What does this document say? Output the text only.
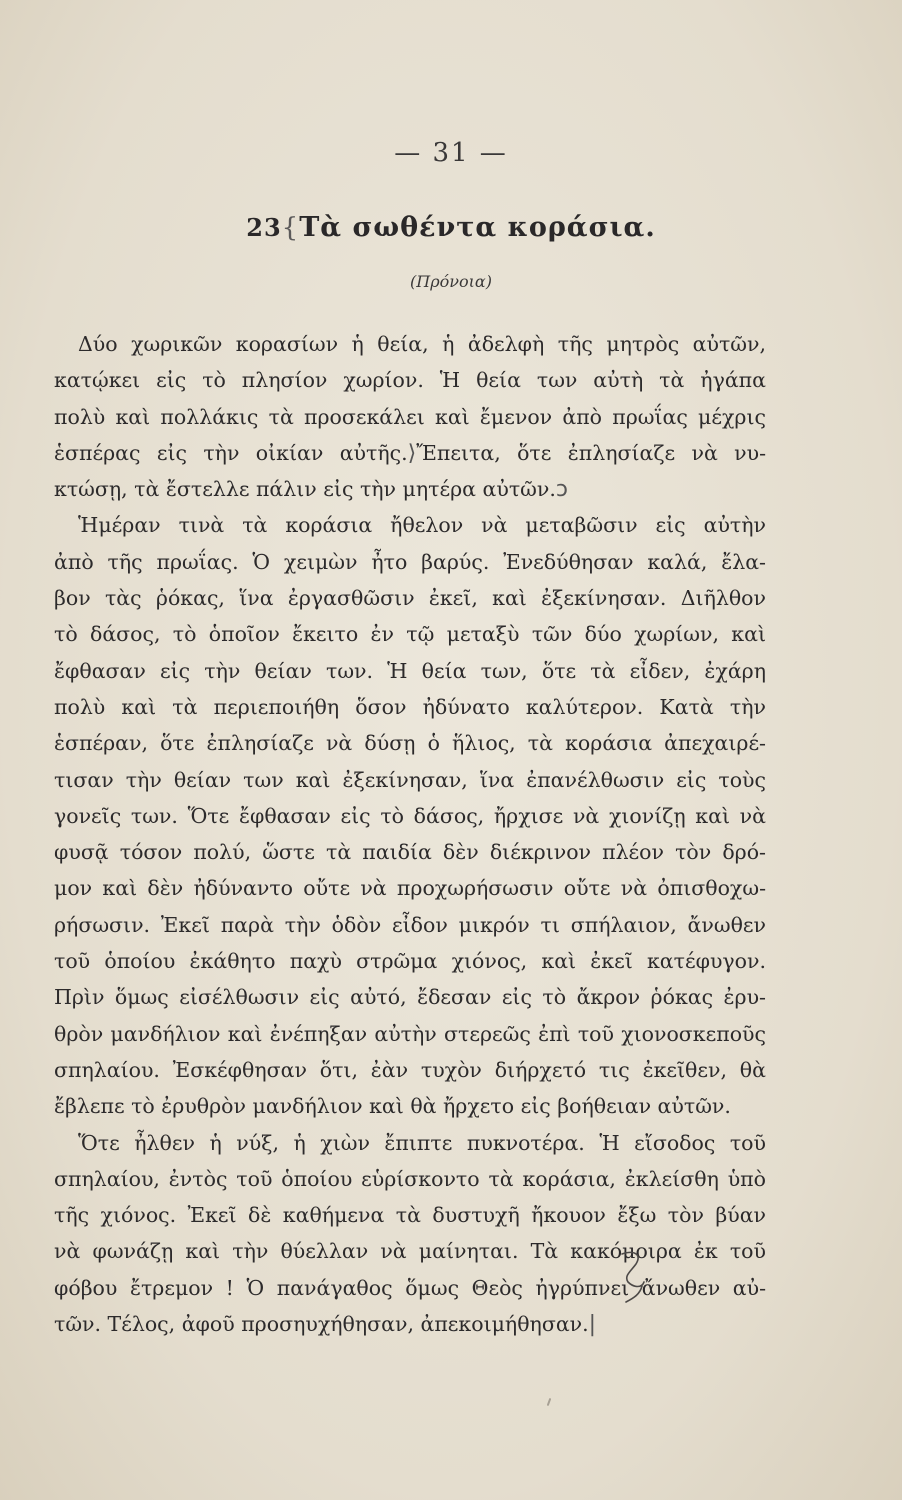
— 31 —
23{Τὰ σωθέντα κοράσια.
(Πρόνοια)
Δύο χωρικῶν κορασίων ἡ θεία, ἡ ἀδελφὴ τῆς μητρὸς αὐτῶν,
κατῴκει εἰς τὸ πλησίον χωρίον. Ἡ θεία των αὐτὴ τὰ ἠγάπα
πολὺ καὶ πολλάκις τὰ προσεκάλει καὶ ἔμενον ἀπὸ πρωΐας μέχρις
ἑσπέρας εἰς τὴν οἰκίαν αὐτῆς.⟩Ἔπειτα, ὅτε ἐπλησίαζε νὰ νυ-
κτώσῃ, τὰ ἔστελλε πάλιν εἰς τὴν μητέρα αὐτῶν.ↄ
Ἡμέραν τινὰ τὰ κοράσια ἤθελον νὰ μεταβῶσιν εἰς αὐτὴν
ἀπὸ τῆς πρωΐας. Ὁ χειμὼν ἦτο βαρύς. Ἐνεδύθησαν καλά, ἔλα-
βον τὰς ῥόκας, ἵνα ἐργασθῶσιν ἐκεῖ, καὶ ἐξεκίνησαν. Διῆλθον
τὸ δάσος, τὸ ὁποῖον ἔκειτο ἐν τῷ μεταξὺ τῶν δύο χωρίων, καὶ
ἔφθασαν εἰς τὴν θείαν των. Ἡ θεία των, ὅτε τὰ εἶδεν, ἐχάρη
πολὺ καὶ τὰ περιεποιήθη ὅσον ἠδύνατο καλύτερον. Κατὰ τὴν
ἑσπέραν, ὅτε ἐπλησίαζε νὰ δύσῃ ὁ ἥλιος, τὰ κοράσια ἀπεχαιρέ-
τισαν τὴν θείαν των καὶ ἐξεκίνησαν, ἵνα ἐπανέλθωσιν εἰς τοὺς
γονεῖς των. Ὅτε ἔφθασαν εἰς τὸ δάσος, ἤρχισε νὰ χιονίζῃ καὶ νὰ
φυσᾷ τόσον πολύ, ὥστε τὰ παιδία δὲν διέκρινον πλέον τὸν δρό-
μον καὶ δὲν ἠδύναντο οὔτε νὰ προχωρήσωσιν οὔτε νὰ ὀπισθοχω-
ρήσωσιν. Ἐκεῖ παρὰ τὴν ὁδὸν εἶδον μικρόν τι σπήλαιον, ἄνωθεν
τοῦ ὁποίου ἐκάθητο παχὺ στρῶμα χιόνος, καὶ ἐκεῖ κατέφυγον.
Πρὶν ὅμως εἰσέλθωσιν εἰς αὐτό, ἔδεσαν εἰς τὸ ἄκρον ῥόκας ἐρυ-
θρὸν μανδήλιον καὶ ἐνέπηξαν αὐτὴν στερεῶς ἐπὶ τοῦ χιονοσκεποῦς
σπηλαίου. Ἐσκέφθησαν ὅτι, ἐὰν τυχὸν διήρχετό τις ἐκεῖθεν, θὰ
ἔβλεπε τὸ ἐρυθρὸν μανδήλιον καὶ θὰ ἤρχετο εἰς βοήθειαν αὐτῶν.
Ὅτε ἦλθεν ἡ νύξ, ἡ χιὼν ἔπιπτε πυκνοτέρα. Ἡ εἴσοδος τοῦ
σπηλαίου, ἐντὸς τοῦ ὁποίου εὑρίσκοντο τὰ κοράσια, ἐκλείσθη ὑπὸ
τῆς χιόνος. Ἐκεῖ δὲ καθήμενα τὰ δυστυχῆ ἤκουον ἔξω τὸν βύαν
νὰ φωνάζῃ καὶ τὴν θύελλαν νὰ μαίνηται. Τὰ κακόμοιρα ἐκ τοῦ
φόβου ἔτρεμον ! Ὁ πανάγαθος ὅμως Θεὸς ἠγρύπνει ἄνωθεν αὐ-
τῶν. Τέλος, ἀφοῦ προσηυχήθησαν, ἀπεκοιμήθησαν.|
